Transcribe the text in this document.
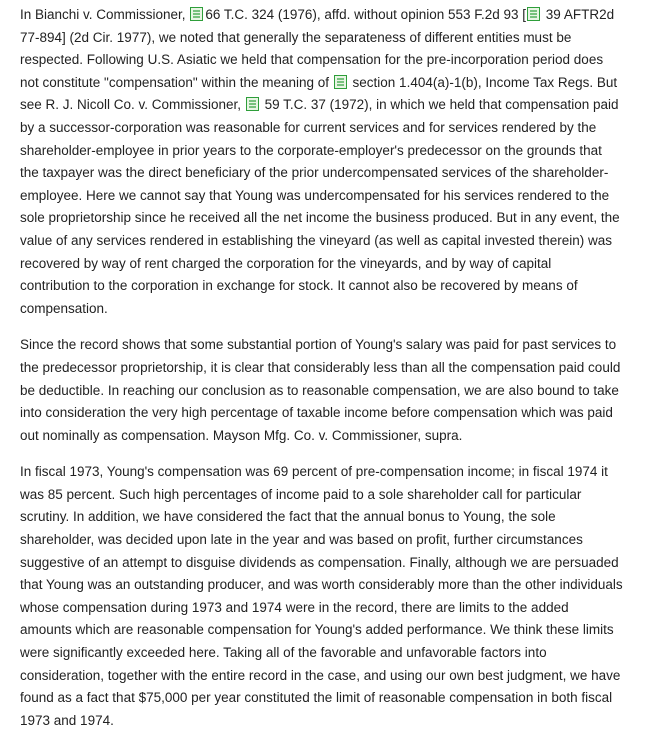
In Bianchi v. Commissioner,
66 T.C. 324 (1976), affd. without opinion 553 F.2d 93 [
39 AFTR2d 77-894] (2d Cir. 1977), we noted that generally the separateness of different entities must be respected. Following U.S. Asiatic we held that compensation for the pre-incorporation period does not constitute "compensation" within the meaning of
section 1.404(a)-1(b), Income Tax Regs. But see R. J. Nicoll Co. v. Commissioner,
59 T.C. 37 (1972), in which we held that compensation paid by a successor-corporation was reasonable for current services and for services rendered by the shareholder-employee in prior years to the corporate-employer's predecessor on the grounds that the taxpayer was the direct beneficiary of the prior undercompensated services of the shareholder-employee. Here we cannot say that Young was undercompensated for his services rendered to the sole proprietorship since he received all the net income the business produced. But in any event, the value of any services rendered in establishing the vineyard (as well as capital invested therein) was recovered by way of rent charged the corporation for the vineyards, and by way of capital contribution to the corporation in exchange for stock. It cannot also be recovered by means of compensation.

Since the record shows that some substantial portion of Young's salary was paid for past services to the predecessor proprietorship, it is clear that considerably less than all the compensation paid could be deductible. In reaching our conclusion as to reasonable compensation, we are also bound to take into consideration the very high percentage of taxable income before compensation which was paid out nominally as compensation. Mayson Mfg. Co. v. Commissioner, supra.

In fiscal 1973, Young's compensation was 69 percent of pre-compensation income; in fiscal 1974 it was 85 percent. Such high percentages of income paid to a sole shareholder call for particular scrutiny. In addition, we have considered the fact that the annual bonus to Young, the sole shareholder, was decided upon late in the year and was based on profit, further circumstances suggestive of an attempt to disguise dividends as compensation. Finally, although we are persuaded that Young was an outstanding producer, and was worth considerably more than the other individuals whose compensation during 1973 and 1974 were in the record, there are limits to the added amounts which are reasonable compensation for Young's added performance. We think these limits were significantly exceeded here. Taking all of the favorable and unfavorable factors into consideration, together with the entire record in the case, and using our own best judgment, we have found as a fact that $75,000 per year constituted the limit of reasonable compensation in both fiscal 1973 and 1974.
